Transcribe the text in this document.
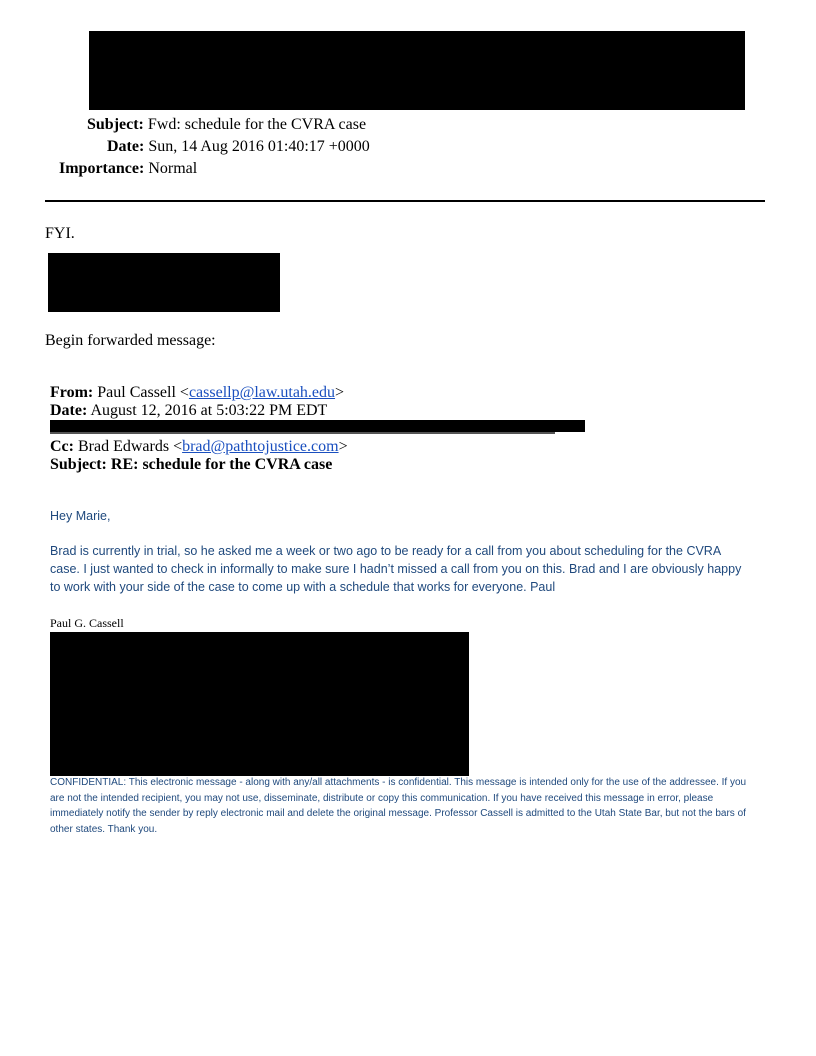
Subject: Fwd: schedule for the CVRA case
Date: Sun, 14 Aug 2016 01:40:17 +0000
Importance: Normal
FYI.
Begin forwarded message:
From: Paul Cassell <cassellp@law.utah.edu>
Date: August 12, 2016 at 5:03:22 PM EDT
Cc: Brad Edwards <brad@pathtojustice.com>
Subject: RE: schedule for the CVRA case
Hey Marie,
Brad is currently in trial, so he asked me a week or two ago to be ready for a call from you about scheduling for the CVRA case. I just wanted to check in informally to make sure I hadn’t missed a call from you on this. Brad and I are obviously happy to work with your side of the case to come up with a schedule that works for everyone. Paul
Paul G. Cassell
CONFIDENTIAL: This electronic message - along with any/all attachments - is confidential. This message is intended only for the use of the addressee. If you are not the intended recipient, you may not use, disseminate, distribute or copy this communication. If you have received this message in error, please immediately notify the sender by reply electronic mail and delete the original message. Professor Cassell is admitted to the Utah State Bar, but not the bars of other states. Thank you.
